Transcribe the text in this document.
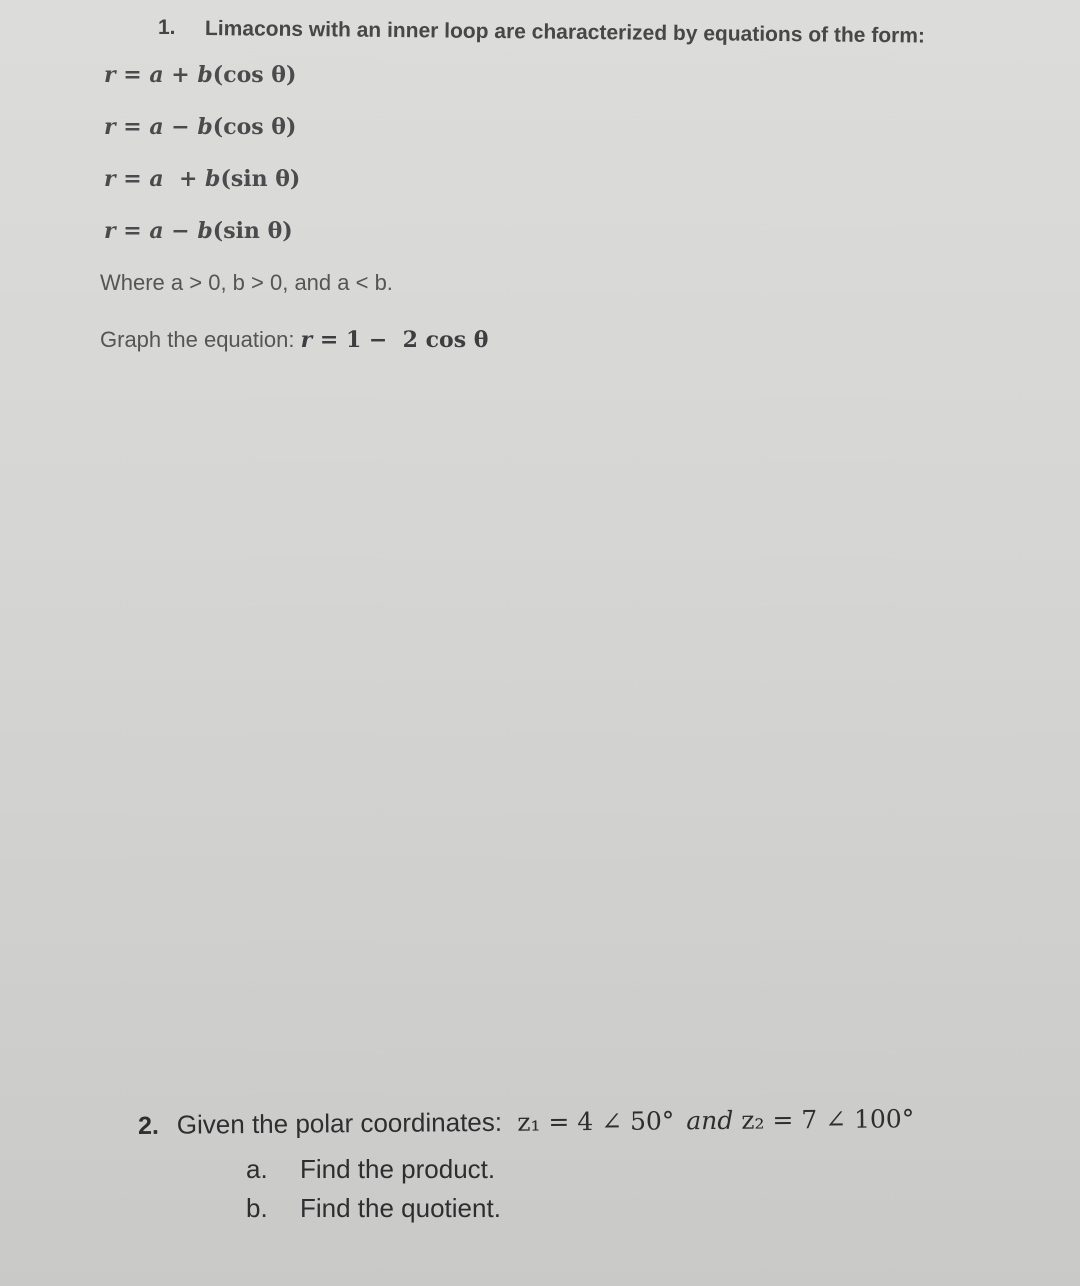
1. Limacons with an inner loop are characterized by equations of the form:
r = a + b(cos θ)
r = a − b(cos θ)
r = a  + b(sin θ)
r = a − b(sin θ)
Where a > 0, b > 0, and a < b.
Graph the equation: r = 1 −  2 cos θ
2. Given the polar coordinates: z₁ = 4 ∠ 50° and z₂ = 7 ∠ 100°
a. Find the product.
b. Find the quotient.
